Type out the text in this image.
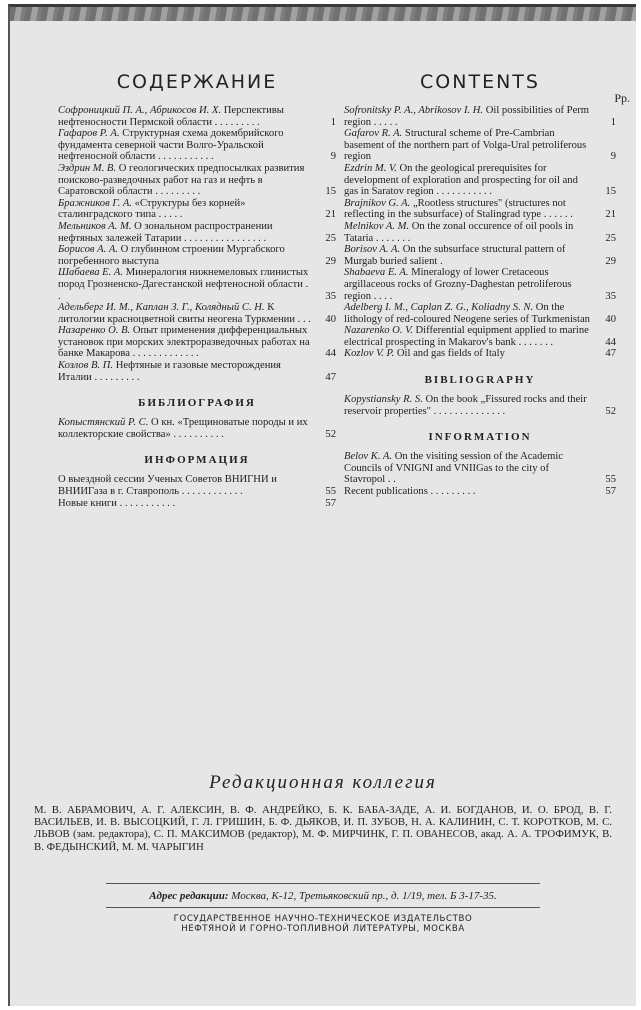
СОДЕРЖАНИЕ
Софроницкий П. А., Абрикосов И. Х. Перспективы нефтеносности Пермской области . . . . . . . . .	1
Гафаров Р. А. Структурная схема докембрийского фундамента северной части Волго-Уральской нефтеносной области . . . . . . . . . . .	9
Эздрин М. В. О геологических предпосылках развития поисково-разведочных работ на газ и нефть в Саратовской области . . . . . . . . .	15
Бражников Г. А. «Структуры без корней» сталинградского типа . . . . .	21
Мельников А. М. О зональном распространении нефтяных залежей Татарии . . . . . . . . . . . . . . . .	25
Борисов А. А. О глубинном строении Мургабского погребенного выступа	29
Шабаева Е. А. Минералогия нижнемеловых глинистых пород Грозненско-Дагестанской нефтеносной области . .	35
Адельберг И. М., Каплан З. Г., Колядный С. Н. К литологии красноцветной свиты неогена Туркмении . . .	40
Назаренко О. В. Опыт применения дифференциальных установок при морских электроразведочных работах на банке Макарова . . . . . . . . . . . . .	44
Козлов В. П. Нефтяные и газовые месторождения Италии . . . . . . . . .	47
БИБЛИОГРАФИЯ
Копыстянский Р. С. О кн. «Трещиноватые породы и их коллекторские свойства» . . . . . . . . . .	52
ИНФОРМАЦИЯ
О выездной сессии Ученых Советов ВНИГНИ и ВНИИГаза в г. Ставрополь . . . . . . . . . . . .	55
Новые книги . . . . . . . . . . .	57
CONTENTS
Pp.
Sofronitsky P. A., Abrikosov I. H. Oil possibilities of Perm region . . . . .	1
Gafarov R. A. Structural scheme of Pre-Cambrian basement of the northern part of Volga-Ural petroliferous region	9
Ezdrin M. V. On the geological prerequisites for development of exploration and prospecting for oil and gas in Saratov region . . . . . . . . . . .	15
Brajnikov G. A. „Rootless structures" (structures not reflecting in the subsurface) of Stalingrad type . . . . . .	21
Melnikov A. M. On the zonal occurence of oil pools in Tataria . . . . . . .	25
Borisov A. A. On the subsurface structural pattern of Murgab buried salient .	29
Shabaeva E. A. Mineralogy of lower Cretaceous argillaceous rocks of Grozny-Daghestan petroliferous region . . . .	35
Adelberg I. M., Caplan Z. G., Koliadny S. N. On the lithology of red-coloured Neogene series of Turkmenistan	40
Nazarenko O. V. Differential equipment applied to marine electrical prospecting in Makarov's bank . . . . . . .	44
Kozlov V. P. Oil and gas fields of Italy	47
BIBLIOGRAPHY
Kopystiansky R. S. On the book „Fissured rocks and their reservoir properties" . . . . . . . . . . . . . .	52
INFORMATION
Belov K. A. On the visiting session of the Academic Councils of VNIGNI and VNIIGas to the city of Stavropol . .	55
Recent publications . . . . . . . . .	57
Редакционная коллегия
М. В. АБРАМОВИЧ, А. Г. АЛЕКСИН, В. Ф. АНДРЕЙКО, Б. К. БАБА-ЗАДЕ, А. И. БОГДАНОВ, И. О. БРОД, В. Г. ВАСИЛЬЕВ, И. В. ВЫСОЦКИЙ, Г. Л. ГРИШИН, Б. Ф. ДЬЯКОВ, И. П. ЗУБОВ, Н. А. КАЛИНИН, С. Т. КОРОТКОВ, М. С. ЛЬВОВ (зам. редактора), С. П. МАКСИМОВ (редактор), М. Ф. МИРЧИНК, Г. П. ОВАНЕСОВ, акад. А. А. ТРОФИМУК, В. В. ФЕДЫНСКИЙ, М. М. ЧАРЫГИН
Адрес редакции: Москва, К-12, Третьяковский пр., д. 1/19, тел. Б 3-17-35.
ГОСУДАРСТВЕННОЕ НАУЧНО-ТЕХНИЧЕСКОЕ ИЗДАТЕЛЬСТВО
НЕФТЯНОЙ И ГОРНО-ТОПЛИВНОЙ ЛИТЕРАТУРЫ, МОСКВА
